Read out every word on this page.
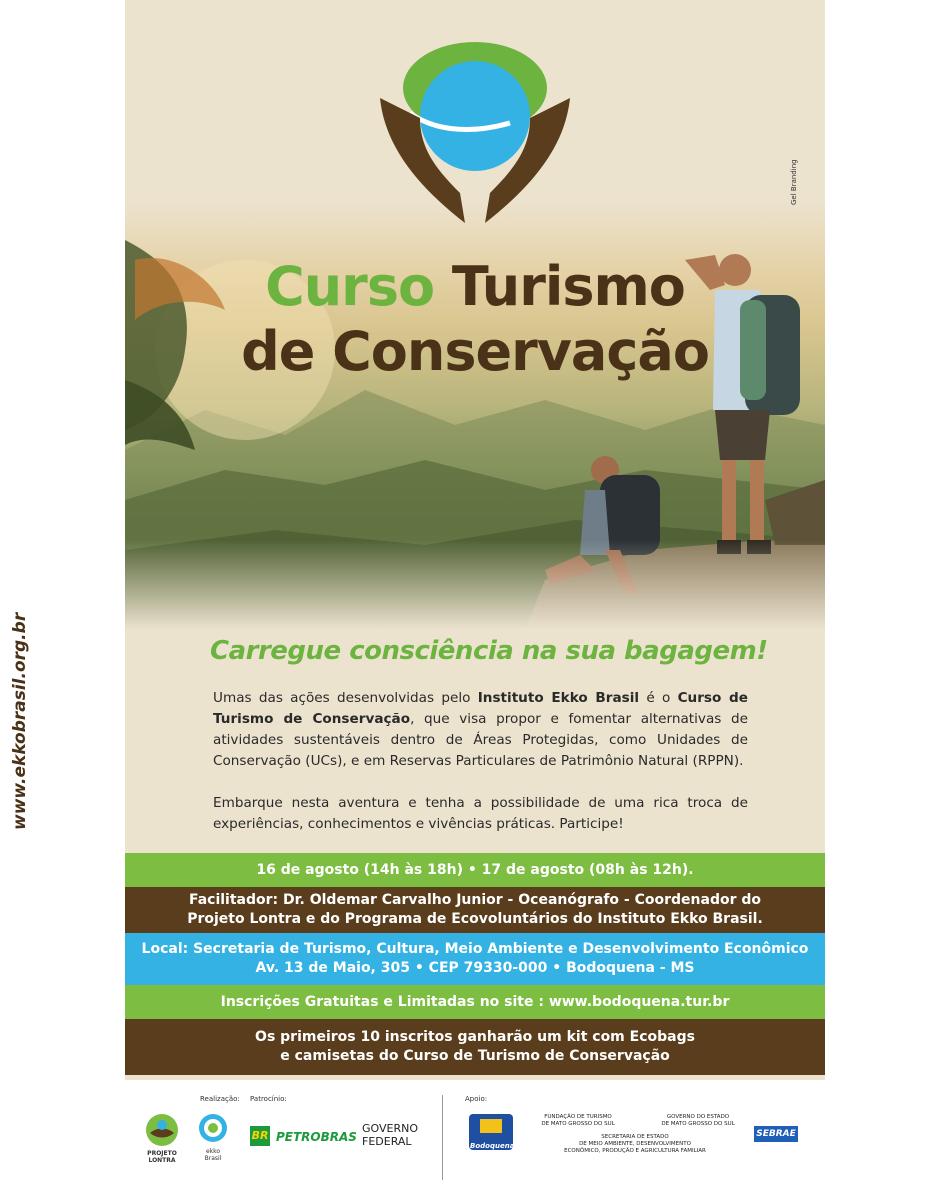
Gel Branding
Curso Turismo
de Conservação
Carregue consciência na sua bagagem!
Umas das ações desenvolvidas pelo Instituto Ekko Brasil é o Curso de Turismo de Conservação, que visa propor e fomentar alternativas de atividades sustentáveis dentro de Áreas Protegidas, como Unidades de Conservação (UCs), e em Reservas Particulares de Patrimônio Natural (RPPN).
Embarque nesta aventura e tenha a possibilidade de uma rica troca de experiências, conhecimentos e vivências práticas. Participe!
16 de agosto (14h às 18h) • 17 de agosto (08h às 12h).
Facilitador: Dr. Oldemar Carvalho Junior - Oceanógrafo - Coordenador do
Projeto Lontra e do Programa de Ecovoluntários do Instituto Ekko Brasil.
Local: Secretaria de Turismo, Cultura, Meio Ambiente e Desenvolvimento Econômico
Av. 13 de Maio, 305 • CEP 79330-000 • Bodoquena - MS
Inscrições Gratuitas e Limitadas no site : www.bodoquena.tur.br
Os primeiros 10 inscritos ganharão um kit com Ecobags
e camisetas do Curso de Turismo de Conservação
www.ekkobrasil.org.br
Realização: Patrocínio:	Apoio:
PROJETO
LONTRA
ekko
Brasil
BR PETROBRAS
GOVERNO
FEDERAL	Bodoquena
FUNDAÇÃO DE TURISMO
DE MATO GROSSO DO SUL
GOVERNO DO ESTADO
DE MATO GROSSO DO SUL
SECRETARIA DE ESTADO
DE MEIO AMBIENTE, DESENVOLVIMENTO
ECONÔMICO, PRODUÇÃO E AGRICULTURA FAMILIAR
SEBRAE
